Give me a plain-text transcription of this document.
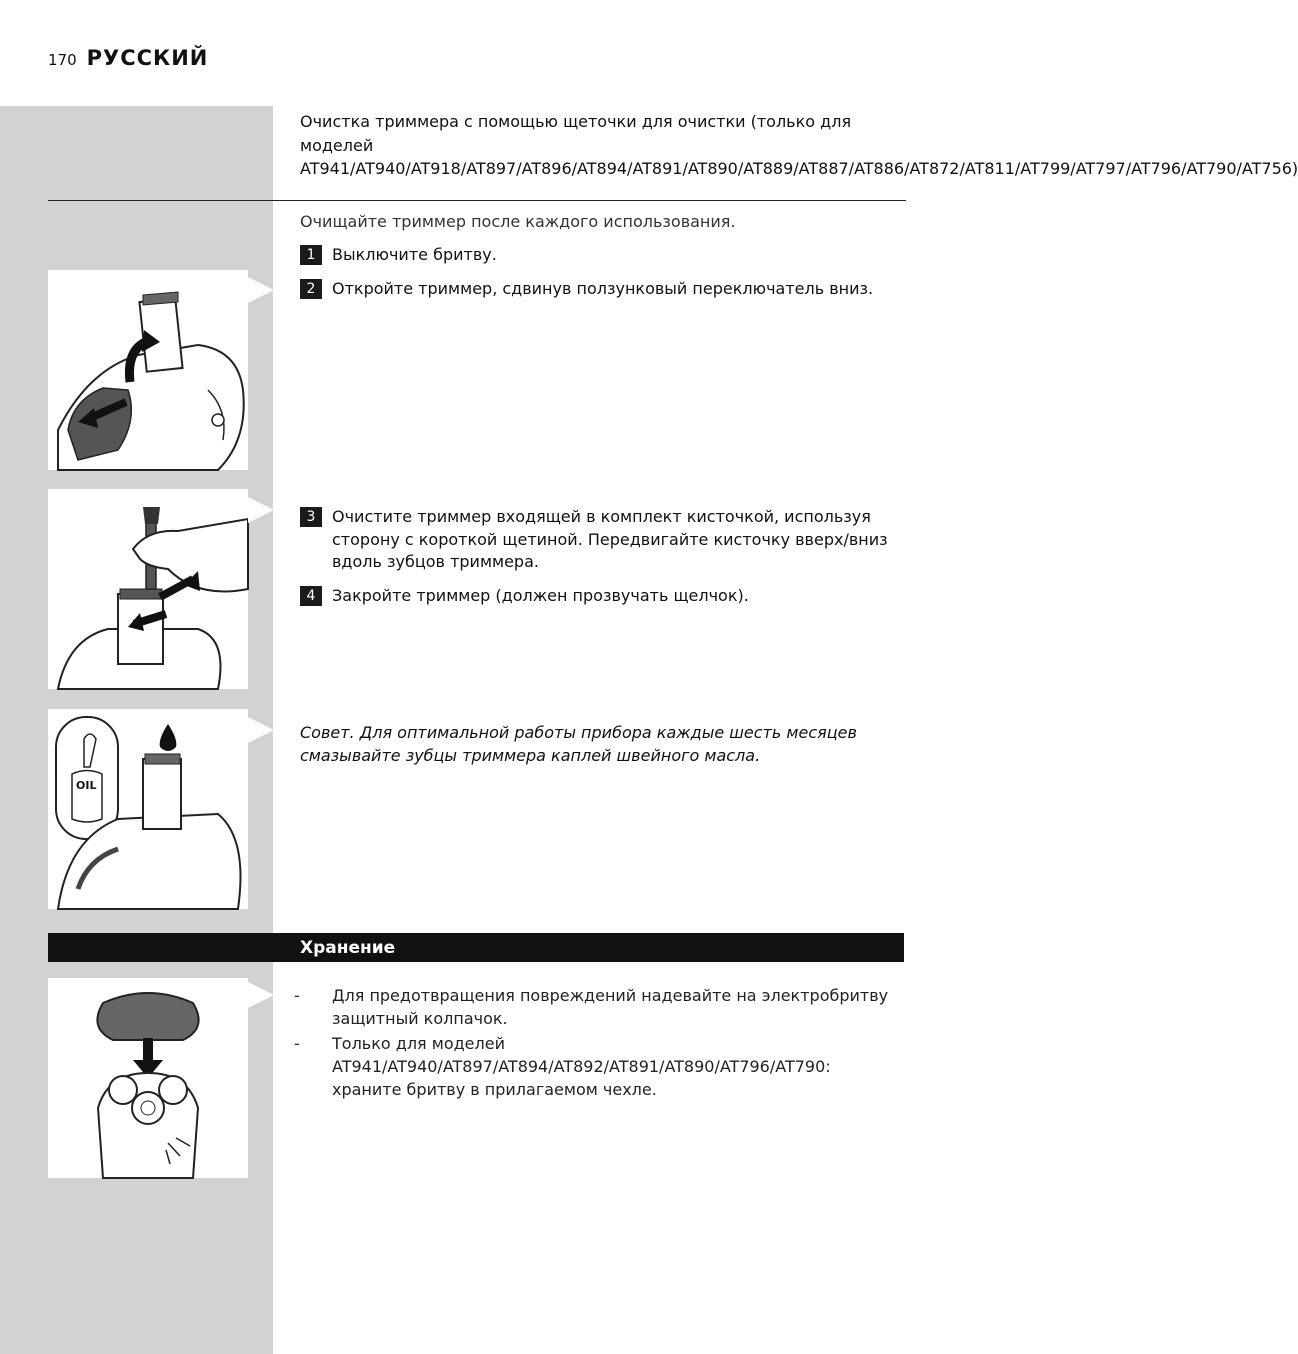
170 РУССКИЙ
Очистка триммера с помощью щеточки для очистки (только для моделей AT941/AT940/AT918/AT897/AT896/AT894/AT891/AT890/AT889/AT887/AT886/AT872/AT811/AT799/AT797/AT796/AT790/AT756)
Очищайте триммер после каждого использования.
1	Выключите бритву.
2	Откройте триммер, сдвинув ползунковый переключатель вниз.
3	Очистите триммер входящей в комплект кисточкой, используя сторону с короткой щетиной. Передвигайте кисточку вверх/вниз вдоль зубцов триммера.
4	Закройте триммер (должен прозвучать щелчок).
Совет. Для оптимальной работы прибора каждые шесть месяцев смазывайте зубцы триммера каплей швейного масла.
Хранение
- Для предотвращения повреждений надевайте на электробритву защитный колпачок.
- Только для моделей AT941/AT940/AT897/AT894/AT892/AT891/AT890/AT796/AT790: храните бритву в прилагаемом чехле.
OIL
